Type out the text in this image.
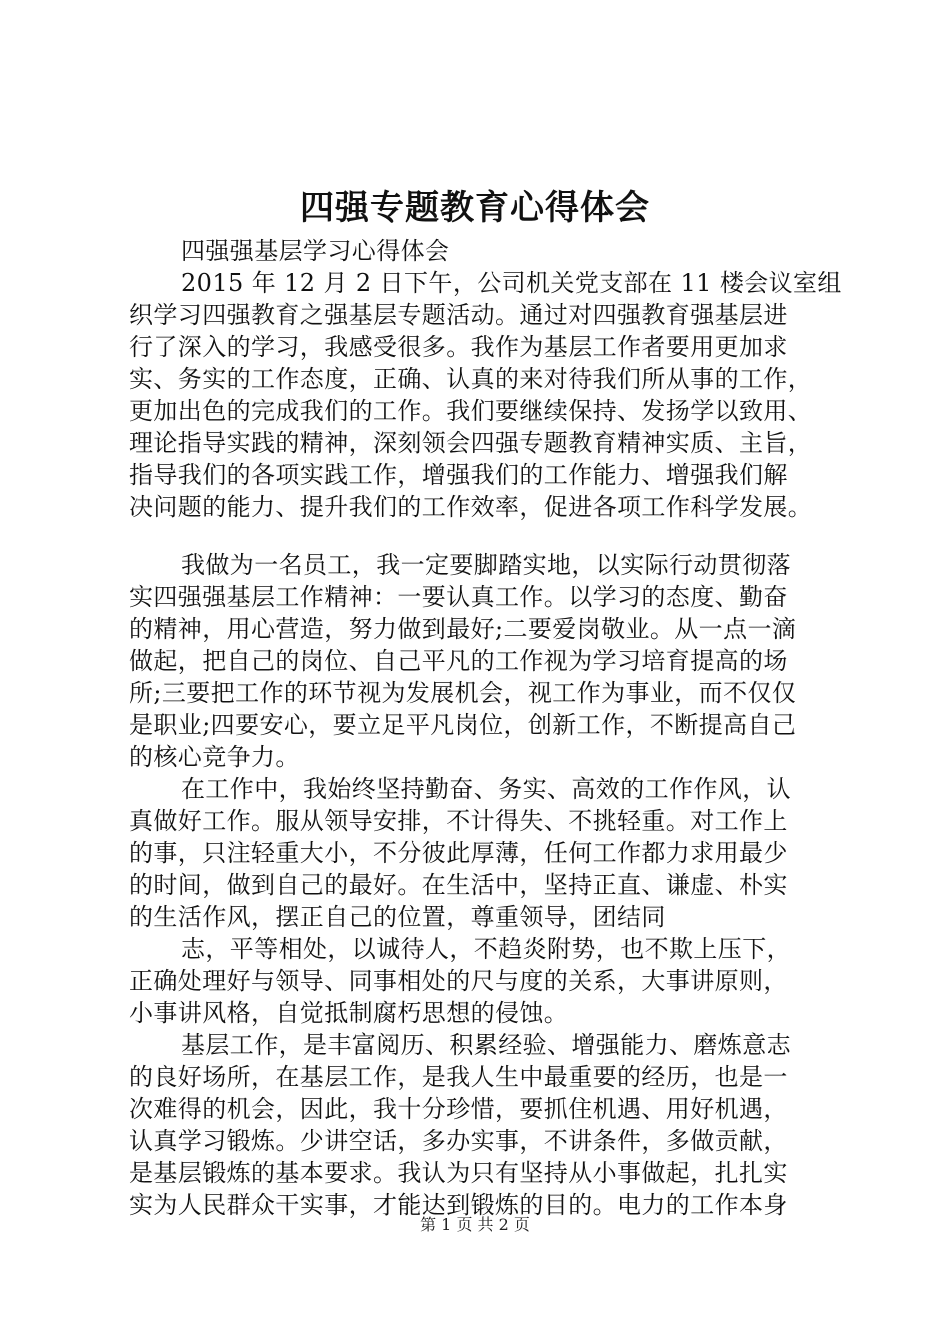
四强专题教育心得体会
四强强基层学习心得体会
2015 年 12 月 2 日下午，公司机关党支部在 11 楼会议室组
织学习四强教育之强基层专题活动。通过对四强教育强基层进
行了深入的学习，我感受很多。我作为基层工作者要用更加求
实、务实的工作态度，正确、认真的来对待我们所从事的工作，
更加出色的完成我们的工作。我们要继续保持、发扬学以致用、
理论指导实践的精神，深刻领会四强专题教育精神实质、主旨，
指导我们的各项实践工作，增强我们的工作能力、增强我们解
决问题的能力、提升我们的工作效率，促进各项工作科学发展。
我做为一名员工，我一定要脚踏实地，以实际行动贯彻落
实四强强基层工作精神：一要认真工作。以学习的态度、勤奋
的精神，用心营造，努力做到最好;二要爱岗敬业。从一点一滴
做起，把自己的岗位、自己平凡的工作视为学习培育提高的场
所;三要把工作的环节视为发展机会，视工作为事业，而不仅仅
是职业;四要安心，要立足平凡岗位，创新工作，不断提高自己
的核心竞争力。
在工作中，我始终坚持勤奋、务实、高效的工作作风，认
真做好工作。服从领导安排，不计得失、不挑轻重。对工作上
的事，只注轻重大小，不分彼此厚薄，任何工作都力求用最少
的时间，做到自己的最好。在生活中，坚持正直、谦虚、朴实
的生活作风，摆正自己的位置，尊重领导，团结同
志，平等相处，以诚待人，不趋炎附势，也不欺上压下，
正确处理好与领导、同事相处的尺与度的关系，大事讲原则，
小事讲风格，自觉抵制腐朽思想的侵蚀。
基层工作，是丰富阅历、积累经验、增强能力、磨炼意志
的良好场所，在基层工作，是我人生中最重要的经历，也是一
次难得的机会，因此，我十分珍惜，要抓住机遇、用好机遇，
认真学习锻炼。少讲空话，多办实事，不讲条件，多做贡献，
是基层锻炼的基本要求。我认为只有坚持从小事做起，扎扎实
实为人民群众干实事，才能达到锻炼的目的。电力的工作本身
第 1 页 共 2 页
